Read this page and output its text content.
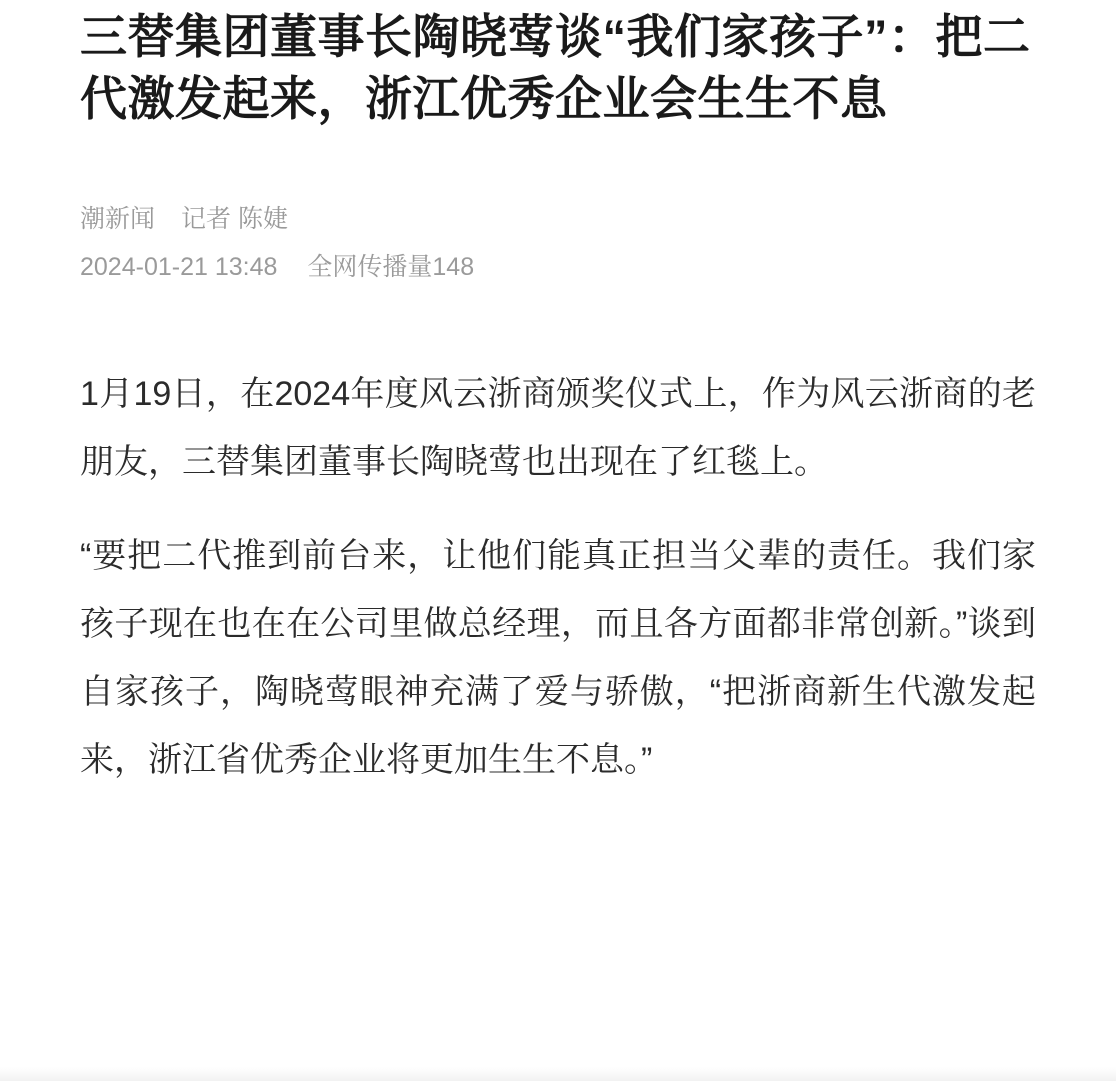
三替集团董事长陶晓莺谈“我们家孩子”：把二代激发起来，浙江优秀企业会生生不息
潮新闻 记者 陈婕
2024-01-21 13:48 全网传播量148

1月19日，在2024年度风云浙商颁奖仪式上，作为风云浙商的老朋友，三替集团董事长陶晓莺也出现在了红毯上。

“要把二代推到前台来，让他们能真正担当父辈的责任。我们家孩子现在也在在公司里做总经理，而且各方面都非常创新。”谈到自家孩子，陶晓莺眼神充满了爱与骄傲，“把浙商新生代激发起来，浙江省优秀企业将更加生生不息。”
